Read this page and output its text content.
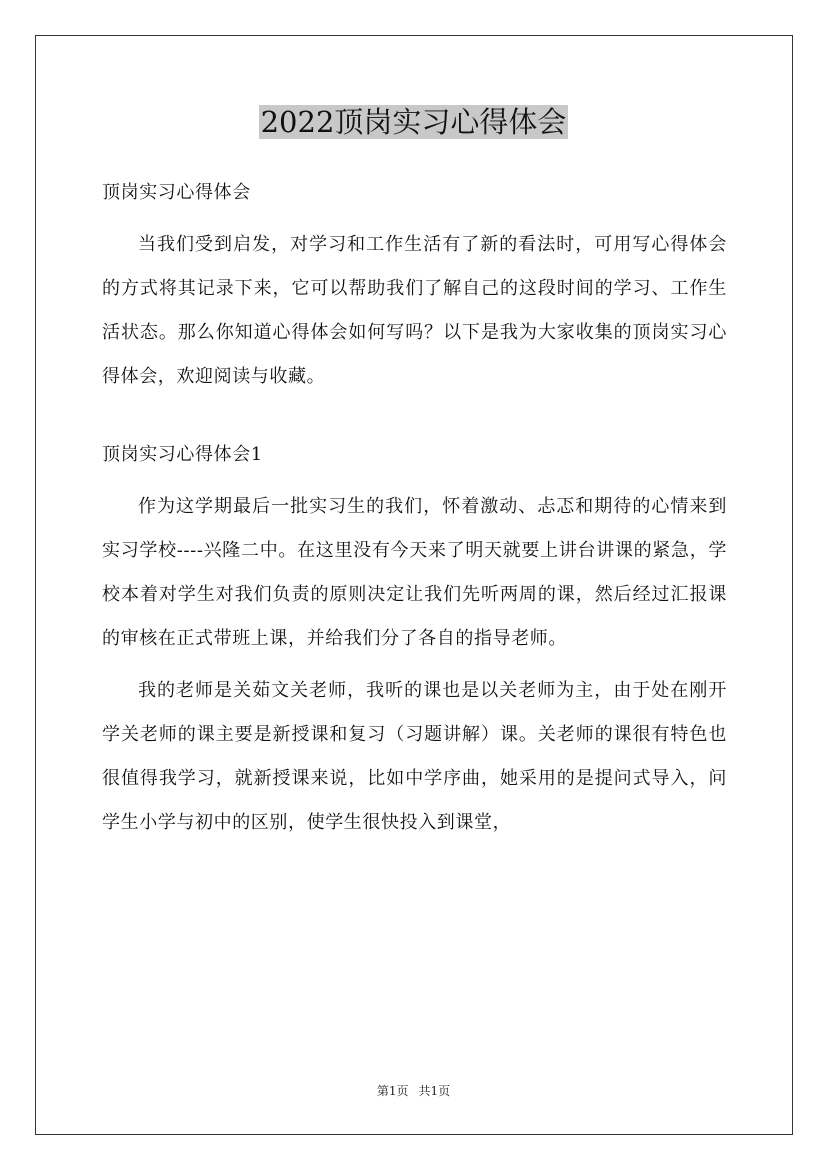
2022顶岗实习心得体会

顶岗实习心得体会

当我们受到启发，对学习和工作生活有了新的看法时，可用写心得体会的方式将其记录下来，它可以帮助我们了解自己的这段时间的学习、工作生活状态。那么你知道心得体会如何写吗？以下是我为大家收集的顶岗实习心得体会，欢迎阅读与收藏。

顶岗实习心得体会1

作为这学期最后一批实习生的我们，怀着激动、忐忑和期待的心情来到实习学校----兴隆二中。在这里没有今天来了明天就要上讲台讲课的紧急，学校本着对学生对我们负责的原则决定让我们先听两周的课，然后经过汇报课的审核在正式带班上课，并给我们分了各自的指导老师。

我的老师是关茹文关老师，我听的课也是以关老师为主，由于处在刚开学关老师的课主要是新授课和复习（习题讲解）课。关老师的课很有特色也很值得我学习，就新授课来说，比如中学序曲，她采用的是提问式导入，问学生小学与初中的区别，使学生很快投入到课堂，

第1页 共1页
